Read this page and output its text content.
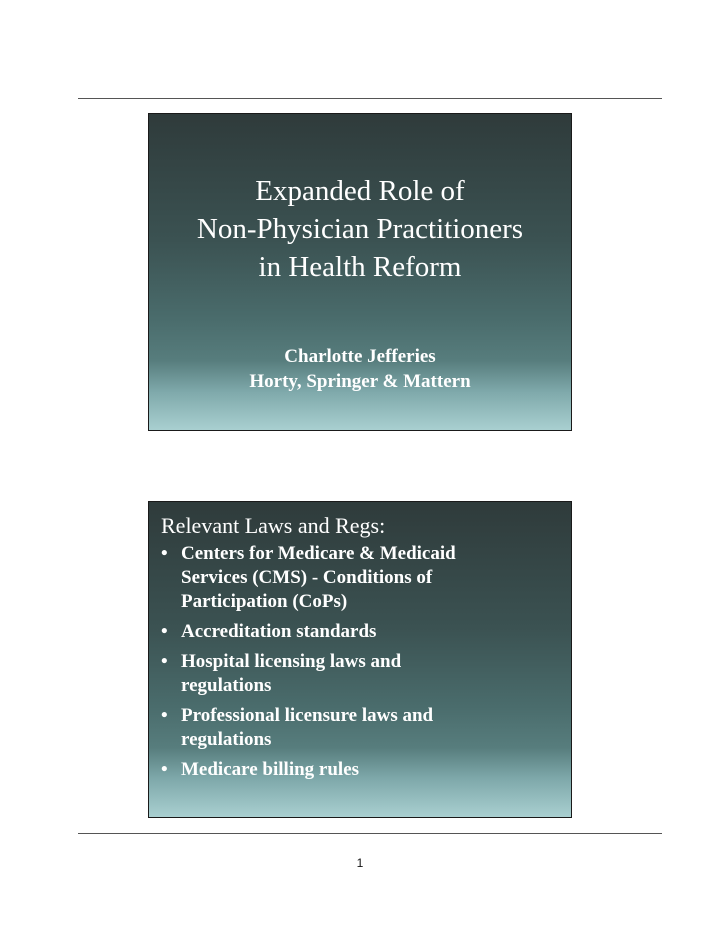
Expanded Role of
Non-Physician Practitioners
in Health Reform
Charlotte Jefferies
Horty, Springer & Mattern
Relevant Laws and Regs:
• Centers for Medicare & Medicaid
Services (CMS) - Conditions of
Participation (CoPs)
• Accreditation standards
• Hospital licensing laws and
regulations
• Professional licensure laws and
regulations
• Medicare billing rules
1
